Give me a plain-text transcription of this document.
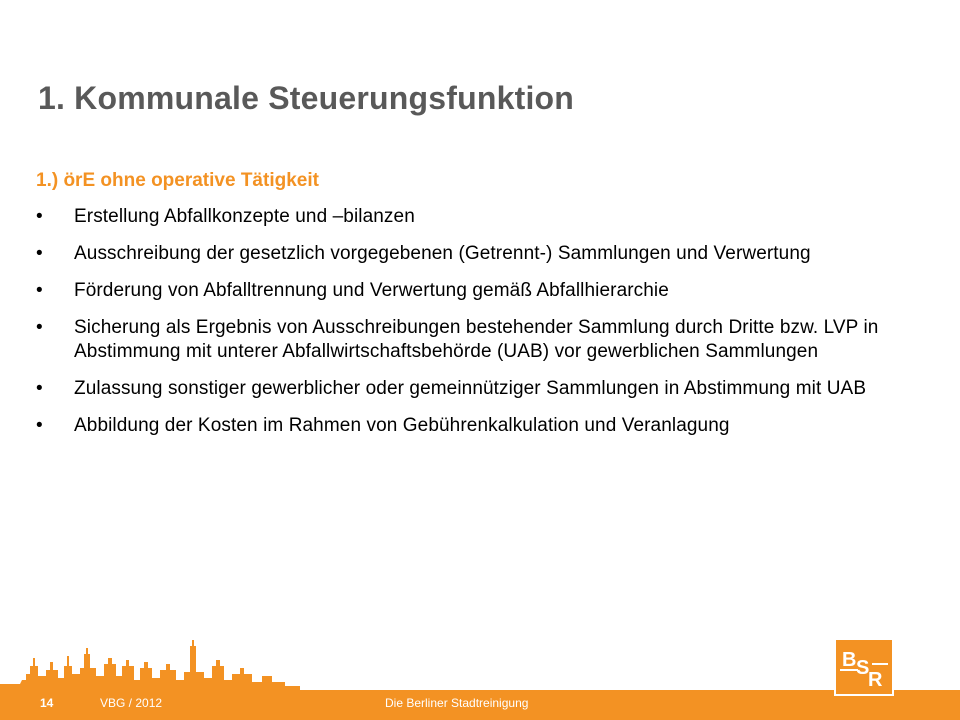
1. Kommunale Steuerungsfunktion
1.) örE ohne operative Tätigkeit
• Erstellung Abfallkonzepte und –bilanzen
• Ausschreibung der gesetzlich vorgegebenen (Getrennt-) Sammlungen und Verwertung
• Förderung von Abfalltrennung und Verwertung gemäß Abfallhierarchie
• Sicherung als Ergebnis von Ausschreibungen bestehender Sammlung durch Dritte bzw. LVP in Abstimmung mit unterer Abfallwirtschaftsbehörde (UAB) vor gewerblichen Sammlungen
• Zulassung sonstiger gewerblicher oder gemeinnütziger Sammlungen in Abstimmung mit UAB
• Abbildung der Kosten im Rahmen von Gebührenkalkulation und Veranlagung
14	VBG / 2012	Die Berliner Stadtreinigung
B S
R
